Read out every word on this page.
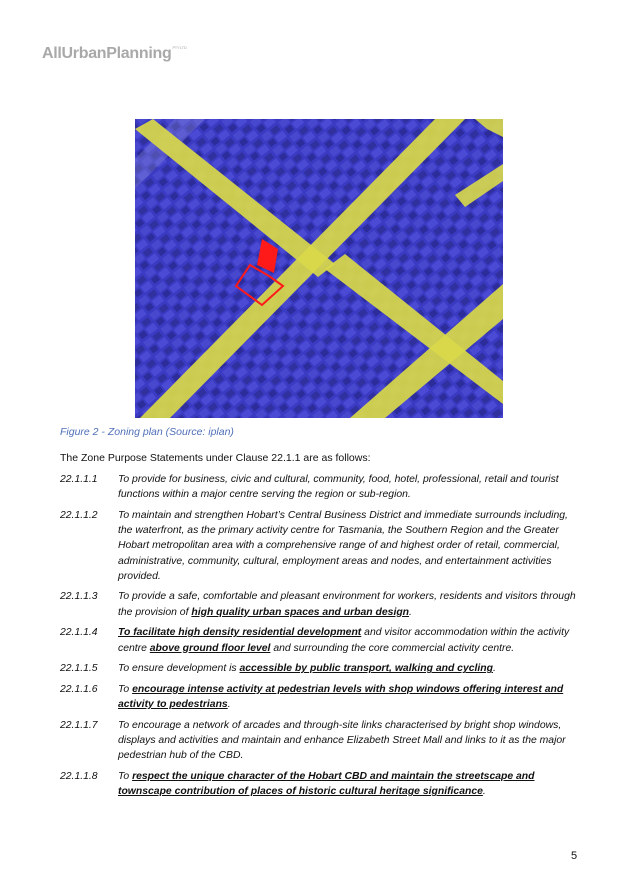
AllUrbanPlanning$^{PTY LTD}$
Figure 2 - Zoning plan (Source: iplan)
The Zone Purpose Statements under Clause 22.1.1 are as follows:
22.1.1.1	To provide for business, civic and cultural, community, food, hotel, professional, retail and tourist functions within a major centre serving the region or sub-region.
22.1.1.2	To maintain and strengthen Hobart’s Central Business District and immediate surrounds including, the waterfront, as the primary activity centre for Tasmania, the Southern Region and the Greater Hobart metropolitan area with a comprehensive range of and highest order of retail, commercial, administrative, community, cultural, employment areas and nodes, and entertainment activities provided.
22.1.1.3	To provide a safe, comfortable and pleasant environment for workers, residents and visitors through the provision of high quality urban spaces and urban design.
22.1.1.4	To facilitate high density residential development and visitor accommodation within the activity centre above ground floor level and surrounding the core commercial activity centre.
22.1.1.5	To ensure development is accessible by public transport, walking and cycling.
22.1.1.6	To encourage intense activity at pedestrian levels with shop windows offering interest and activity to pedestrians.
22.1.1.7	To encourage a network of arcades and through-site links characterised by bright shop windows, displays and activities and maintain and enhance Elizabeth Street Mall and links to it as the major pedestrian hub of the CBD.
22.1.1.8	To respect the unique character of the Hobart CBD and maintain the streetscape and townscape contribution of places of historic cultural heritage significance.
5
